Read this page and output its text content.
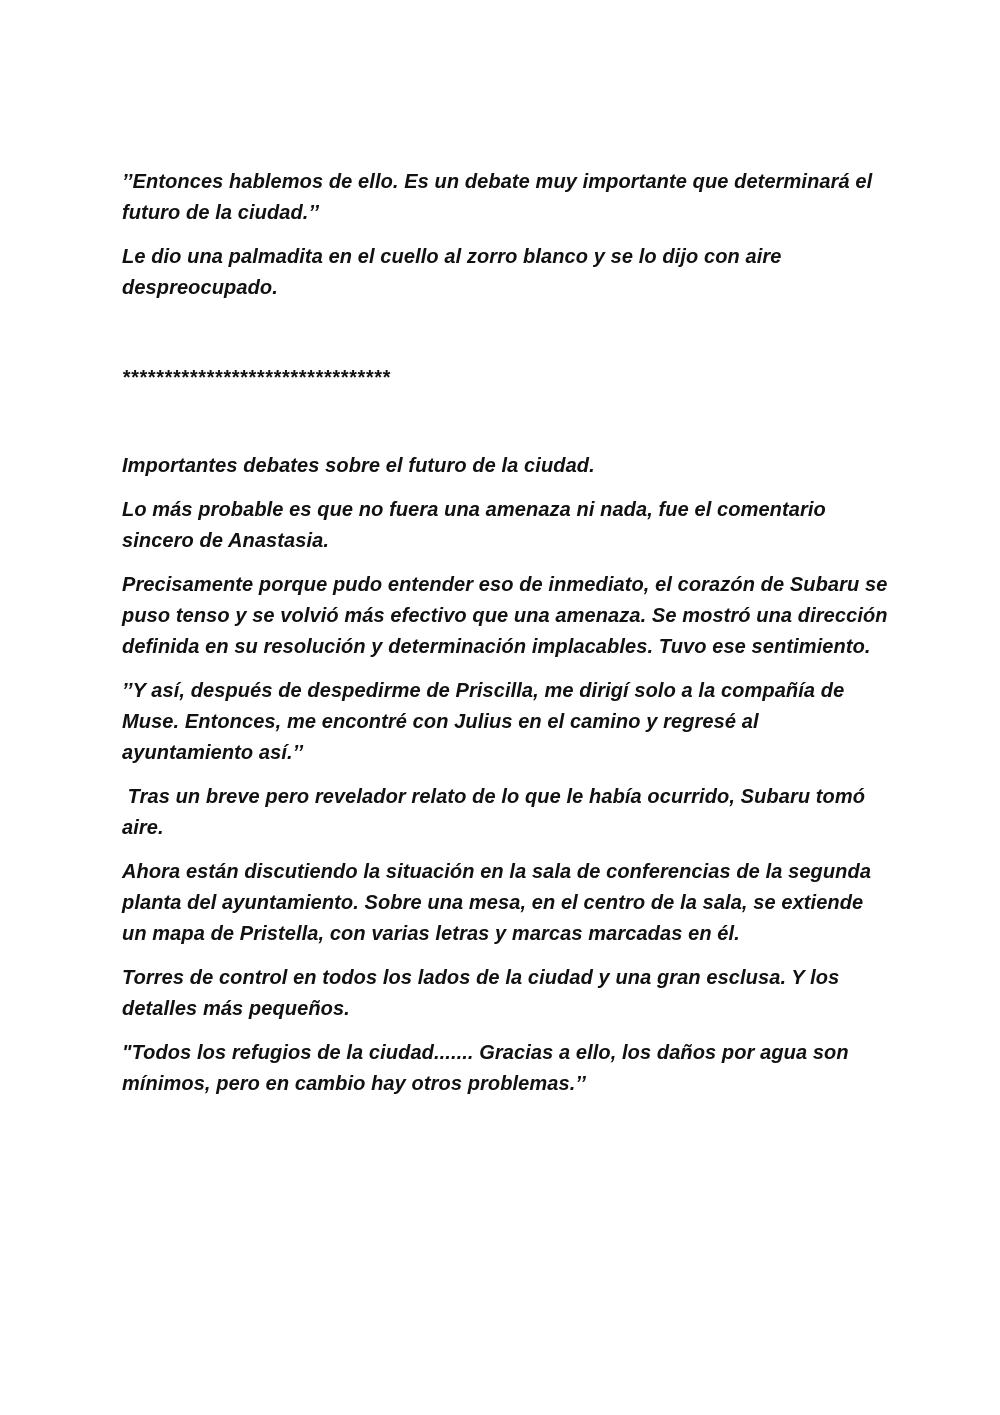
’’Entonces hablemos de ello. Es un debate muy importante que determinará el futuro de la ciudad.’’

Le dio una palmadita en el cuello al zorro blanco y se lo dijo con aire despreocupado.

********************************

Importantes debates sobre el futuro de la ciudad.

Lo más probable es que no fuera una amenaza ni nada, fue el comentario sincero de Anastasia.

Precisamente porque pudo entender eso de inmediato, el corazón de Subaru se puso tenso y se volvió más efectivo que una amenaza. Se mostró una dirección definida en su resolución y determinación implacables. Tuvo ese sentimiento.

’’Y así, después de despedirme de Priscilla, me dirigí solo a la compañía de Muse. Entonces, me encontré con Julius en el camino y regresé al ayuntamiento así.’’

Tras un breve pero revelador relato de lo que le había ocurrido, Subaru tomó aire.

Ahora están discutiendo la situación en la sala de conferencias de la segunda planta del ayuntamiento. Sobre una mesa, en el centro de la sala, se extiende un mapa de Pristella, con varias letras y marcas marcadas en él.

Torres de control en todos los lados de la ciudad y una gran esclusa. Y los detalles más pequeños.

"Todos los refugios de la ciudad....... Gracias a ello, los daños por agua son mínimos, pero en cambio hay otros problemas.’’
